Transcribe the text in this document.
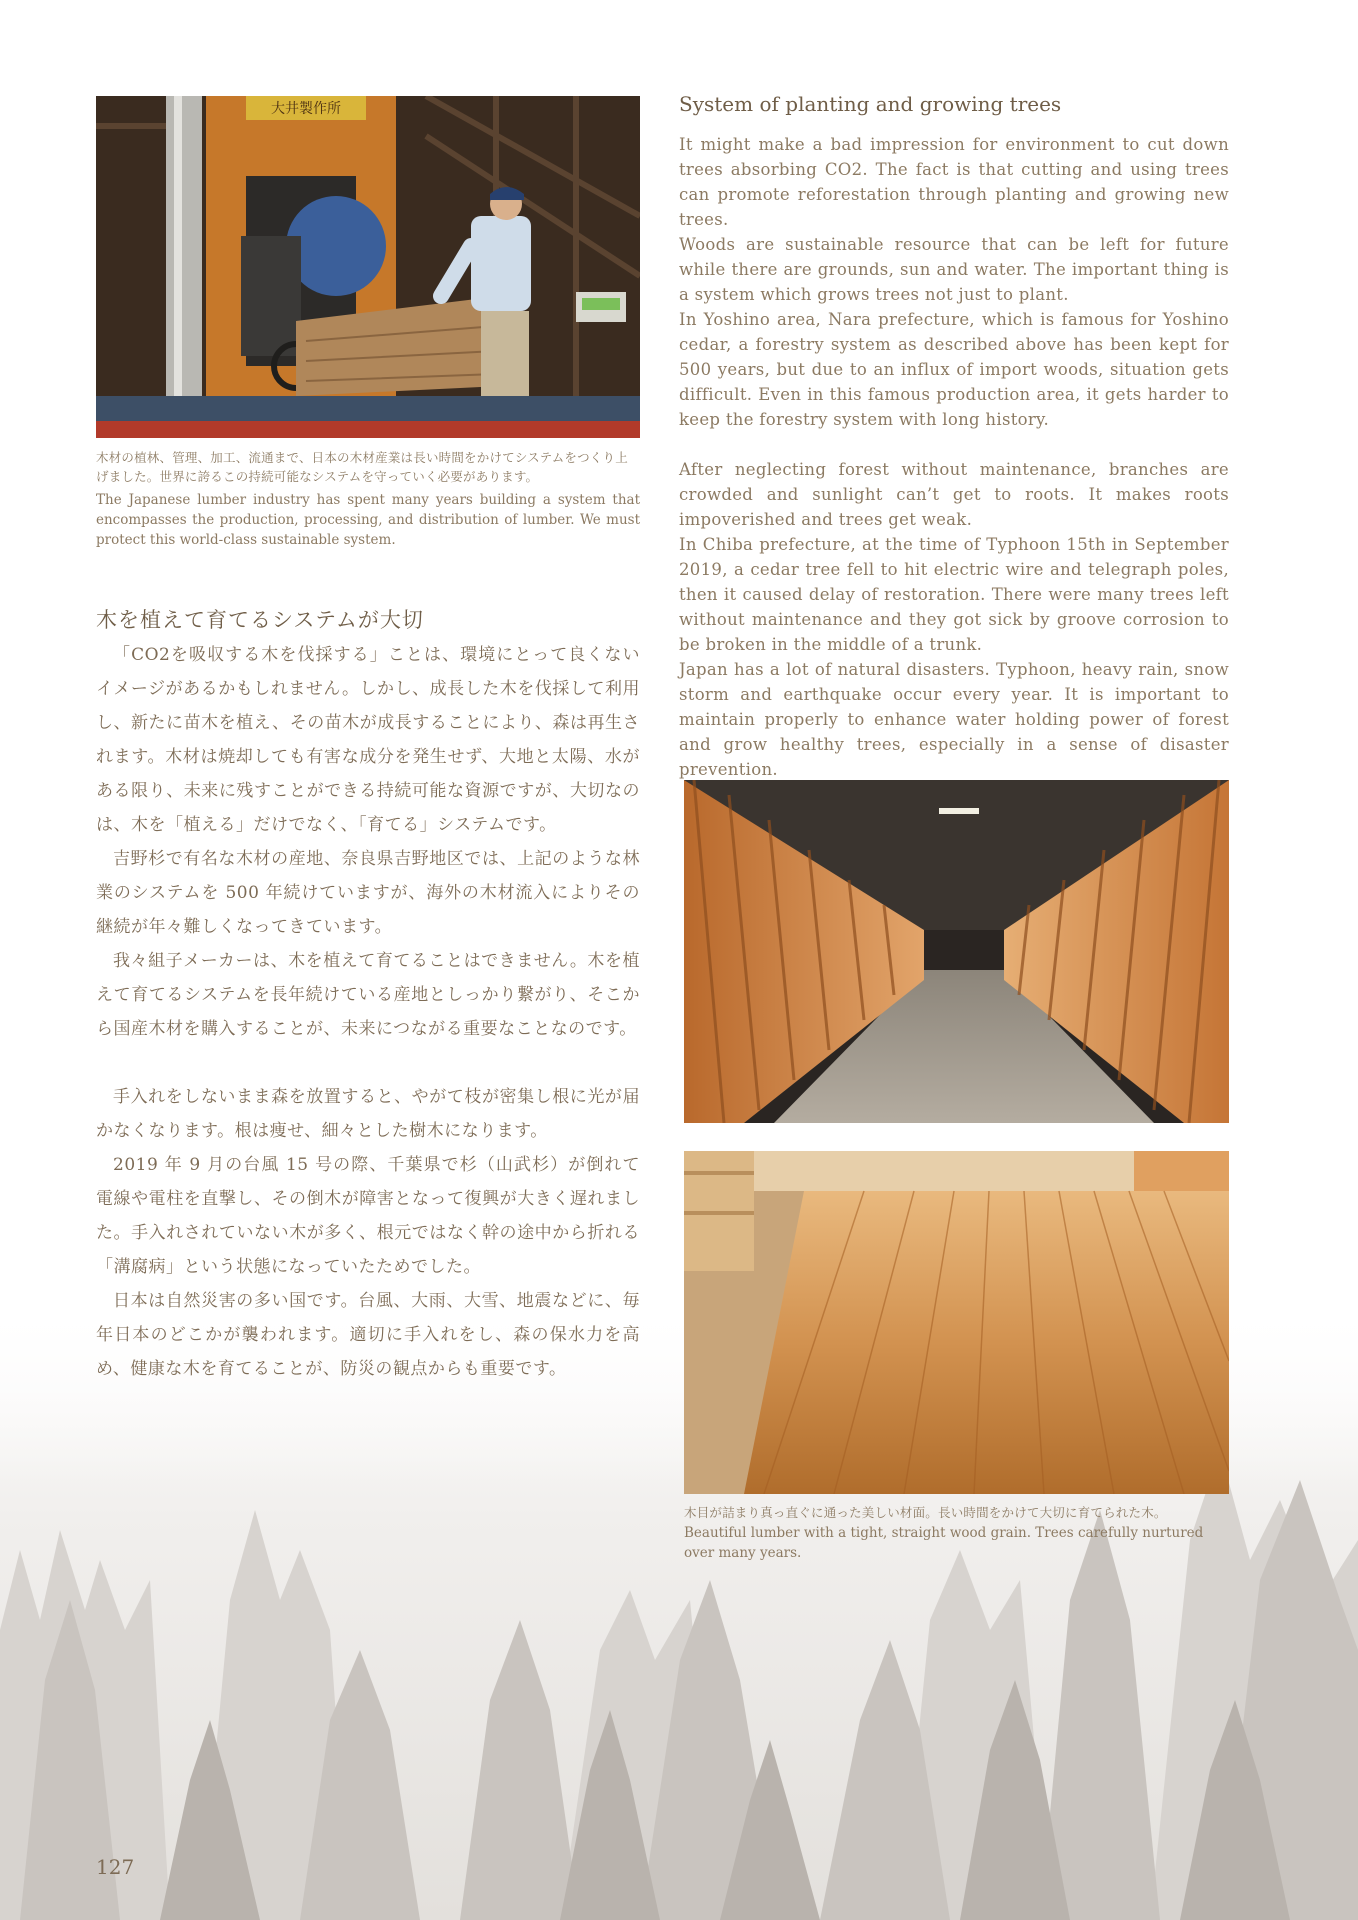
大井製作所
木材の植林、管理、加工、流通まで、日本の木材産業は長い時間をかけてシステムをつくり上げました。世界に誇るこの持続可能なシステムを守っていく必要があります。
The Japanese lumber industry has spent many years building a system that encompasses the production, processing, and distribution of lumber. We must protect this world-class sustainable system.
木を植えて育てるシステムが大切

「CO2を吸収する木を伐採する」ことは、環境にとって良くないイメージがあるかもしれません。しかし、成長した木を伐採して利用し、新たに苗木を植え、その苗木が成長することにより、森は再生されます。木材は焼却しても有害な成分を発生せず、大地と太陽、水がある限り、未来に残すことができる持続可能な資源ですが、大切なのは、木を「植える」だけでなく、「育てる」システムです。

吉野杉で有名な木材の産地、奈良県吉野地区では、上記のような林業のシステムを 500 年続けていますが、海外の木材流入によりその継続が年々難しくなってきています。

我々組子メーカーは、木を植えて育てることはできません。木を植えて育てるシステムを長年続けている産地としっかり繋がり、そこから国産木材を購入することが、未来につながる重要なことなのです。

手入れをしないまま森を放置すると、やがて枝が密集し根に光が届かなくなります。根は痩せ、細々とした樹木になります。

2019 年 9 月の台風 15 号の際、千葉県で杉（山武杉）が倒れて電線や電柱を直撃し、その倒木が障害となって復興が大きく遅れました。手入れされていない木が多く、根元ではなく幹の途中から折れる「溝腐病」という状態になっていたためでした。

日本は自然災害の多い国です。台風、大雨、大雪、地震などに、毎年日本のどこかが襲われます。適切に手入れをし、森の保水力を高め、健康な木を育てることが、防災の観点からも重要です。

System of planting and growing trees

It might make a bad impression for environment to cut down trees absorbing CO2. The fact is that cutting and using trees can promote reforestation through planting and growing new trees.

Woods are sustainable resource that can be left for future while there are grounds, sun and water. The important thing is a system which grows trees not just to plant.

In Yoshino area, Nara prefecture, which is famous for Yoshino cedar, a forestry system as described above has been kept for 500 years, but due to an influx of import woods, situation gets difficult. Even in this famous production area, it gets harder to keep the forestry system with long history.

After neglecting forest without maintenance, branches are crowded and sunlight can’t get to roots. It makes roots impoverished and trees get weak.

In Chiba prefecture, at the time of Typhoon 15th in September 2019, a cedar tree fell to hit electric wire and telegraph poles, then it caused delay of restoration. There were many trees left without maintenance and they got sick by groove corrosion to be broken in the middle of a trunk.

Japan has a lot of natural disasters. Typhoon, heavy rain, snow storm and earthquake occur every year. It is important to maintain properly to enhance water holding power of forest and grow healthy trees, especially in a sense of disaster prevention.

木目が詰まり真っ直ぐに通った美しい材面。長い時間をかけて大切に育てられた木。
Beautiful lumber with a tight, straight wood grain. Trees carefully nurtured over many years.
127
